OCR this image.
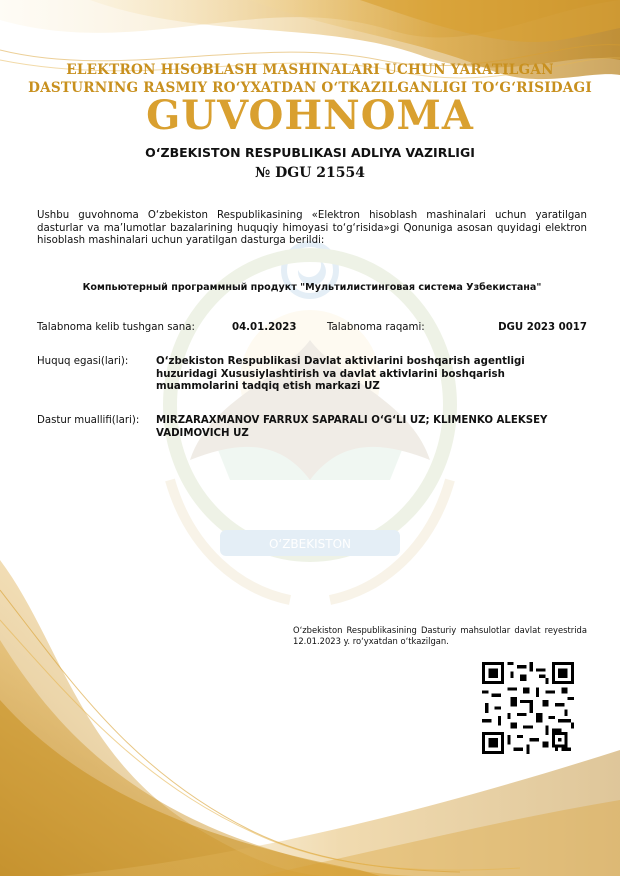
O‘ZBEKISTON
ELEKTRON HISOBLASH MASHINALARI UCHUN YARATILGAN
DASTURNING RASMIY RO‘YXATDAN O‘TKAZILGANLIGI TO‘G‘RISIDAGI
GUVOHNOMA
O‘ZBEKISTON RESPUBLIKASI ADLIYA VAZIRLIGI
№ DGU 21554
Ushbu guvohnoma O‘zbekiston Respublikasining «Elektron hisoblash mashinalari uchun yaratilgan dasturlar va ma’lumotlar bazalarining huquqiy himoyasi to‘g‘risida»gi Qonuniga asosan quyidagi elektron hisoblash mashinalari uchun yaratilgan dasturga berildi:
Компьютерный программный продукт "Мультилистинговая система Узбекистана"
Talabnoma kelib tushgan sana:	04.01.2023	Talabnoma raqami:	DGU 2023 0017
Huquq egasi(lari):	O‘zbekiston Respublikasi Davlat aktivlarini boshqarish agentligi huzuridagi Xususiylashtirish va davlat aktivlarini boshqarish muammolarini tadqiq etish markazi UZ
Dastur muallifi(lari): MIRZARAXMANOV FARRUX SAPARALI O‘G‘LI UZ; KLIMENKO ALEKSEY VADIMOVICH UZ
O‘zbekiston Respublikasining Dasturiy mahsulotlar davlat reyestrida 12.01.2023 y. ro‘yxatdan o‘tkazilgan.
